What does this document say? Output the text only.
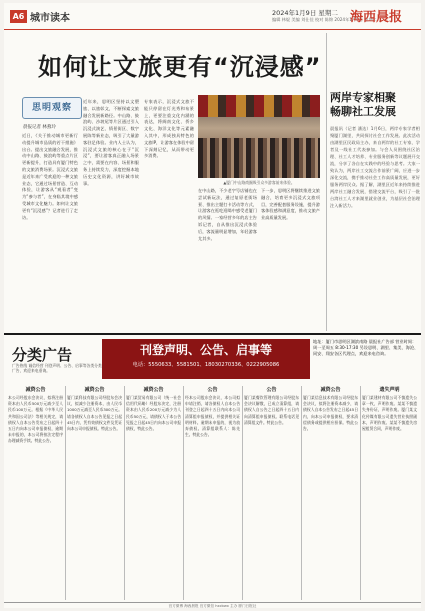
A6 城市读本	2024年1月9日 星期二
编辑 林焜 美编 刘仕佳 校对 陈锦 2024年1月9日 星期二
海西晨报
如何让文旅更有“沉浸感”
思明观察
晨报记者 林燕玲
近日，《关于推动城市更新行动提升城市品质的若干措施》出台。提出文旅融合发展，推动中山路、鼓浪屿等重点片区更新提升，打造具有厦门特色的文旅消费场景。沉浸式文旅是近年来广受欢迎的一种文旅业态，它通过场景营造、互动体验，让游客从“观看者”变为“参与者”，在身临其境中感受城市文化魅力。如何让文旅更有“沉浸感”？记者进行了走访。
近年来，思明区坚持以文塑旅、以旅彰文，不断探索文旅融合发展新路径。中山路、鼓浪屿、沙坡尾等片区通过引入沉浸式演艺、情景街区、数字展陈等新业态，吸引了大量游客驻足体验。业内人士认为，沉浸式文旅的核心在于“沉浸”，要让游客真正融入场景之中，需要在内容、场景和服务上持续发力，深度挖掘本地历史文化资源，讲好城市故事。
专家表示，沉浸式文旅不能只停留在灯光秀和布景上，更要注重文化内涵的表达，将闽南文化、侨乡文化、海洋文化等元素融入其中，形成独具特色的文旅IP，让游客在体验中留下深刻记忆，从而带动更多消费。
▲厦门中山路商圈吸引众多游客前来体验。
在中山路，不少老字号店铺也在尝试新玩法，通过复原老街场景、推出主题打卡活动等方式，让游客在逛吃逛喝中感受老厦门的风情。一家经营多年的店主告诉记者，自从推出沉浸式体验后，客流量明显增加，年轻游客尤其多。
下一步，思明区将继续推进文旅融合，培育更多沉浸式文旅项目，完善配套服务设施，提升游客体验感和满意度，推动文旅产业高质量发展。
两岸专家相聚
畅聊社工发展
晨报讯（记者 潘达）1月6日，两岸专家学者相聚厦门湖里，共同探讨社会工作发展。此次活动由湖里区民政局主办，来自两岸的社工专家、学者及一线社工代表参加。与会人员围绕社区治理、社工人才培养、专业服务创新等议题展开交流，分享了各自在实践中的经验与思考。大家一致认为，两岸社工交流合作前景广阔，应进一步深化交流，携手推动社会工作高质量发展，更好服务两岸民众。据了解，湖里区近年来持续推进两岸社工融合发展，搭建交流平台，吸引了一批台湾社工人才来湖里就业创业，为基层社会治理注入新活力。
分类广告
广告热线 诚信经营 刊登声明、公告、启事等各类分类广告，欢迎来电垂询。
刊登声明、公告、启事等
电话：5550633、5581501、18030270336、0222905086
地址：厦门市思明区湖滨南路 晨报社广告部 营业时间：周一至周五 8:30-17:30 另设思明、湖里、集美、海沧、同安、翔安各区代理点，欢迎来电咨询。
减资公告

本公司经股东会决议，拟将注册资本由人民币500万元减少至人民币100万元。根据《中华人民共和国公司法》等相关规定，请债权人自本公告发布之日起四十五日内向本公司申报债权，逾期未申报的，本公司将按法定程序办理减资手续。特此公告。

减资公告

厦门某科技有限公司经股东会决议，拟减少注册资本，由人民币1000万元减至人民币300万元。请各债权人自本公告见报之日起45日内，凭有效债权文件及凭证向本公司申报债权。特此公告。

减资公告

厦门某贸易有限公司（统一社会信用代码略）经股东决定，注册资本由人民币200万元减少为人民币50万元，请债权人于本公告见报之日起45日内向本公司申报债权，特此公告。

公告

经本公司股东会决议，本公司拟申请注销，请各债权人自本公告刊登之日起四十五日内向本公司清算组申报债权，并提供相关证明材料。逾期未申报的，视为放弃债权。清算组联系人：陈先生。特此公告。

公告

厦门某餐饮管理有限公司经股东会决议解散，已成立清算组，请债权人自公告之日起四十五日内向清算组申报债权。联系电话见清算组文件。特此公告。

减资公告

厦门某信息技术有限公司经股东会决议，拟将注册资本减少，请债权人自本公告发布之日起45日内，向本公司申报债权，要求清偿债务或提供相应担保。特此公告。

遗失声明

厦门某建材有限公司不慎遗失公章一枚，声明作废。某某不慎遗失身份证，声明作废。厦门某文化传媒有限公司遗失营业执照副本，声明作废。某某不慎遗失房屋租赁合同，声明作废。

官方微博 海西晨报 官方微信 hxcbwx 主办 厦门日报社
